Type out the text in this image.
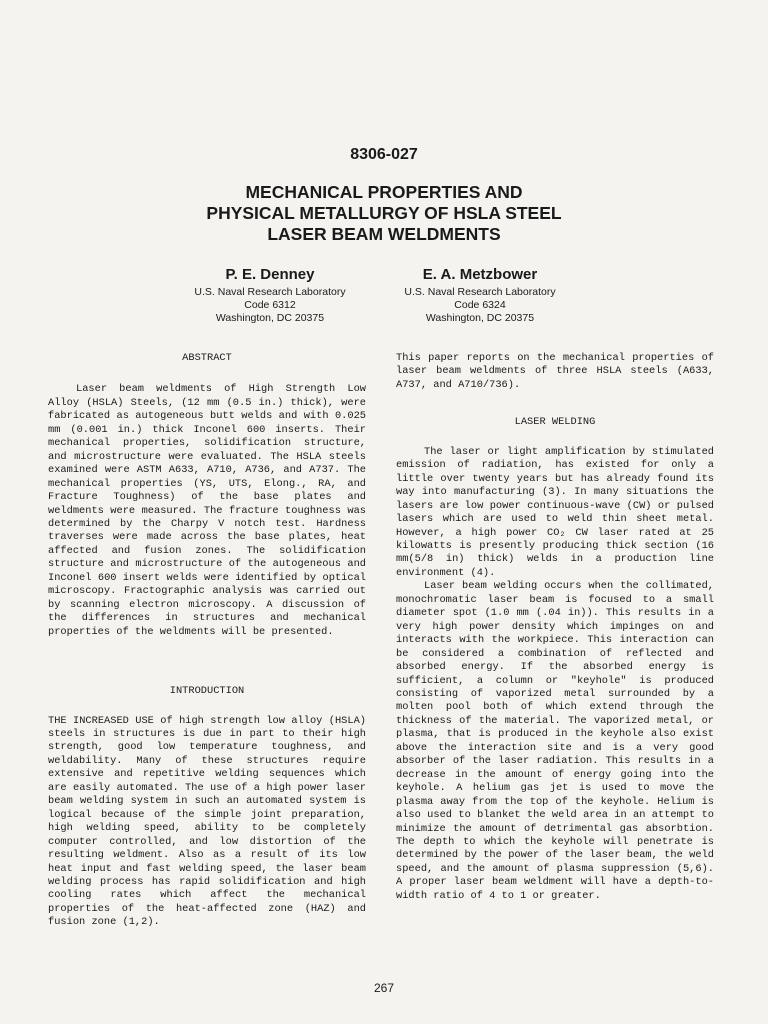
8306-027
MECHANICAL PROPERTIES AND
PHYSICAL METALLURGY OF HSLA STEEL
LASER BEAM WELDMENTS
P. E. Denney
U.S. Naval Research Laboratory
Code 6312
Washington, DC 20375
E. A. Metzbower
U.S. Naval Research Laboratory
Code 6324
Washington, DC 20375
ABSTRACT
Laser beam weldments of High Strength Low Alloy (HSLA) Steels, (12 mm (0.5 in.) thick), were fabricated as autogeneous butt welds and with 0.025 mm (0.001 in.) thick Inconel 600 inserts. Their mechanical properties, solidification structure, and microstructure were evaluated. The HSLA steels examined were ASTM A633, A710, A736, and A737. The mechanical properties (YS, UTS, Elong., RA, and Fracture Toughness) of the base plates and weldments were measured. The fracture toughness was determined by the Charpy V notch test. Hardness traverses were made across the base plates, heat affected and fusion zones. The solidification structure and microstructure of the autogeneous and Inconel 600 insert welds were identified by optical microscopy. Fractographic analysis was carried out by scanning electron microscopy. A discussion of the differences in structures and mechanical properties of the weldments will be presented.
INTRODUCTION
THE INCREASED USE of high strength low alloy (HSLA) steels in structures is due in part to their high strength, good low temperature toughness, and weldability. Many of these structures require extensive and repetitive welding sequences which are easily automated. The use of a high power laser beam welding system in such an automated system is logical because of the simple joint preparation, high welding speed, ability to be completely computer controlled, and low distortion of the resulting weldment. Also as a result of its low heat input and fast welding speed, the laser beam welding process has rapid solidification and high cooling rates which affect the mechanical properties of the heat-affected zone (HAZ) and fusion zone (1,2).
This paper reports on the mechanical properties of laser beam weldments of three HSLA steels (A633, A737, and A710/736).
LASER WELDING
The laser or light amplification by stimulated emission of radiation, has existed for only a little over twenty years but has already found its way into manufacturing (3). In many situations the lasers are low power continuous-wave (CW) or pulsed lasers which are used to weld thin sheet metal. However, a high power CO₂ CW laser rated at 25 kilowatts is presently producing thick section (16 mm(5/8 in) thick) welds in a production line environment (4).
Laser beam welding occurs when the collimated, monochromatic laser beam is focused to a small diameter spot (1.0 mm (.04 in)). This results in a very high power density which impinges on and interacts with the workpiece. This interaction can be considered a combination of reflected and absorbed energy. If the absorbed energy is sufficient, a column or "keyhole" is produced consisting of vaporized metal surrounded by a molten pool both of which extend through the thickness of the material. The vaporized metal, or plasma, that is produced in the keyhole also exist above the interaction site and is a very good absorber of the laser radiation. This results in a decrease in the amount of energy going into the keyhole. A helium gas jet is used to move the plasma away from the top of the keyhole. Helium is also used to blanket the weld area in an attempt to minimize the amount of detrimental gas absorbtion. The depth to which the keyhole will penetrate is determined by the power of the laser beam, the weld speed, and the amount of plasma suppression (5,6). A proper laser beam weldment will have a depth-to-width ratio of 4 to 1 or greater.
267
